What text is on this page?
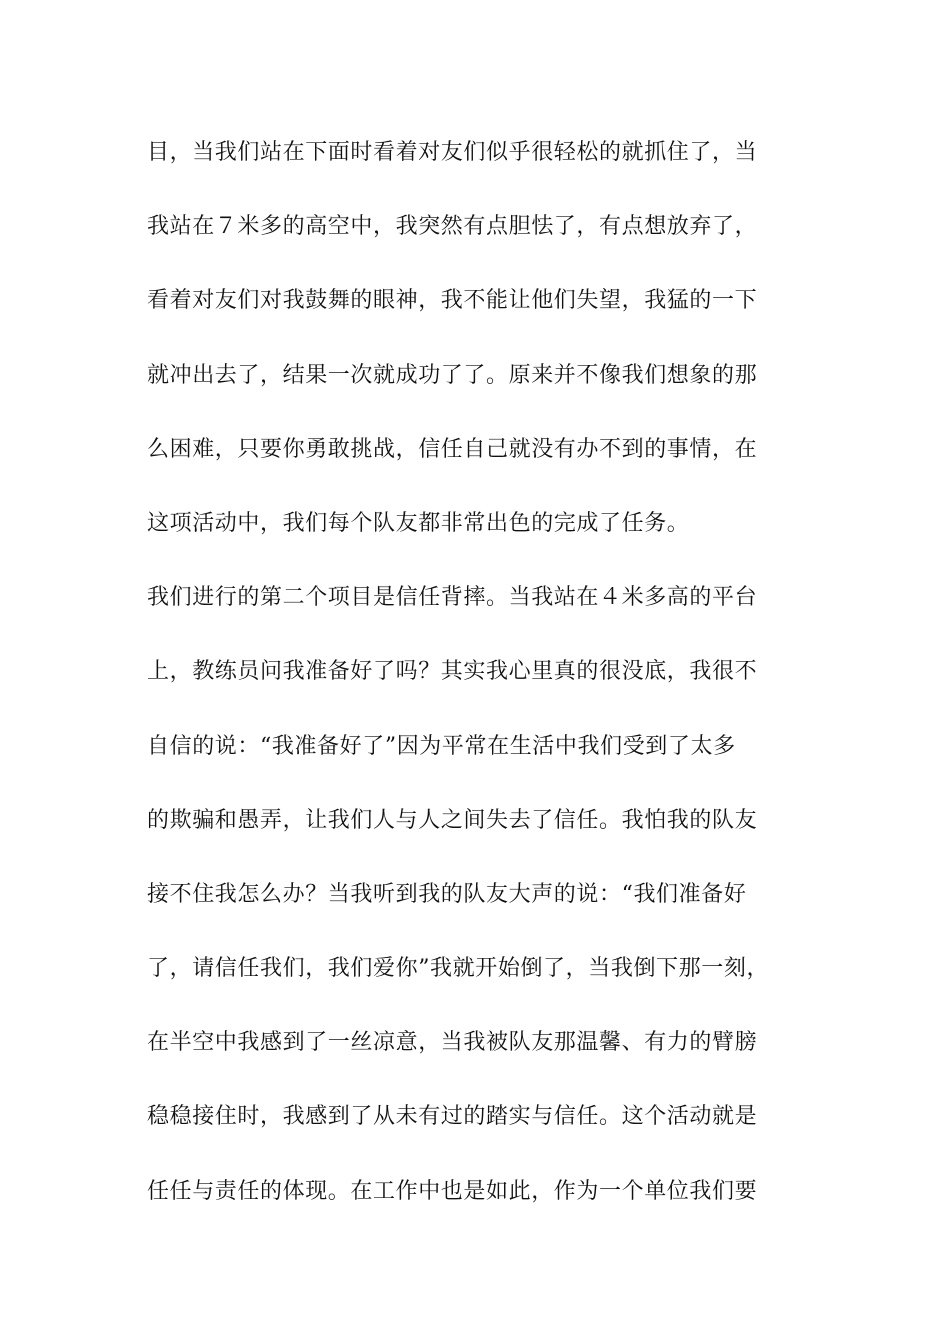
目，当我们站在下面时看着对友们似乎很轻松的就抓住了，当
我站在７米多的高空中，我突然有点胆怯了，有点想放弃了，
看着对友们对我鼓舞的眼神，我不能让他们失望，我猛的一下
就冲出去了，结果一次就成功了了。原来并不像我们想象的那
么困难，只要你勇敢挑战，信任自己就没有办不到的事情，在
这项活动中，我们每个队友都非常出色的完成了任务。
我们进行的第二个项目是信任背摔。当我站在４米多高的平台
上，教练员问我准备好了吗？其实我心里真的很没底，我很不
自信的说：“我准备好了”因为平常在生活中我们受到了太多
的欺骗和愚弄，让我们人与人之间失去了信任。我怕我的队友
接不住我怎么办？当我听到我的队友大声的说：“我们准备好
了，请信任我们，我们爱你”我就开始倒了，当我倒下那一刻，
在半空中我感到了一丝凉意，当我被队友那温馨、有力的臂膀
稳稳接住时，我感到了从未有过的踏实与信任。这个活动就是
任任与责任的体现。在工作中也是如此，作为一个单位我们要
